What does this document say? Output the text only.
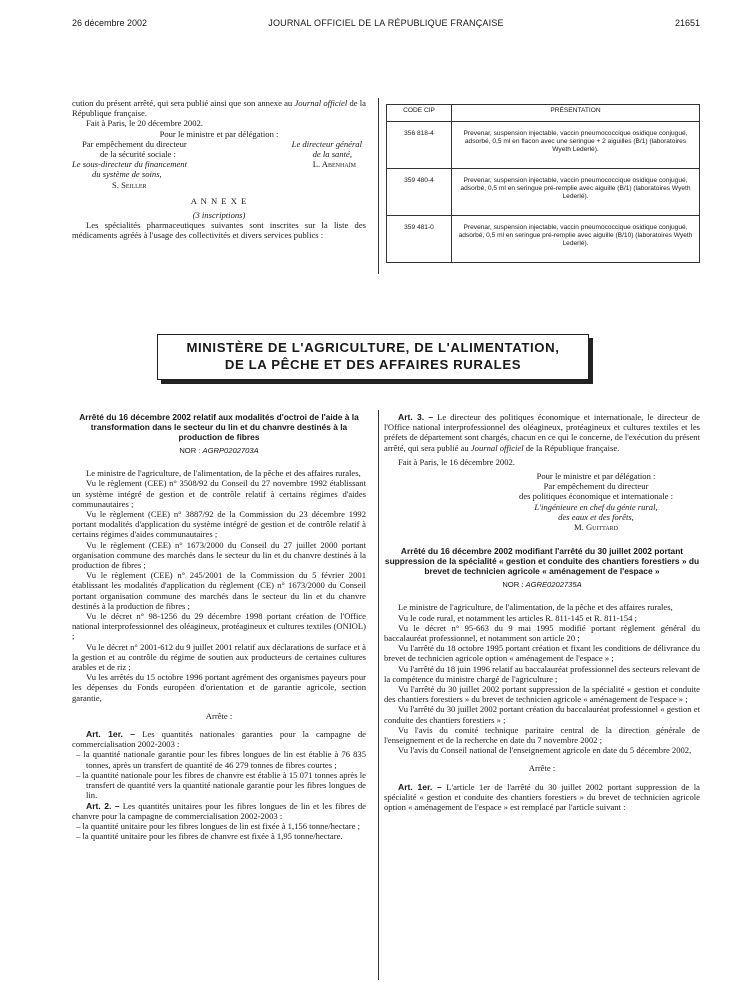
26 décembre 2002	JOURNAL OFFICIEL DE LA RÉPUBLIQUE FRANÇAISE	21651

cution du présent arrêté, qui sera publié ainsi que son annexe au Journal officiel de la République française.

Fait à Paris, le 20 décembre 2002.

Pour le ministre et par délégation :

Par empêchement du directeur	Le directeur général
de la sécurité sociale :	de la santé,
Le sous-directeur du financement	L. Abenhaïm
du système de soins,
S. Seiller

A N N E X E

(3 inscriptions)

Les spécialités pharmaceutiques suivantes sont inscrites sur la liste des médicaments agréés à l'usage des collectivités et divers services publics :

CODE CIP	PRÉSENTATION
356 818-4	Prevenar, suspension injectable, vaccin pneumococcique osidique conjugué, adsorbé, 0,5 ml en flacon avec une seringue + 2 aiguilles (B/1) (laboratoires Wyeth Lederlé).
359 480-4	Prevenar, suspension injectable, vaccin pneumococcique osidique conjugué, adsorbé, 0,5 ml en seringue pré-remplie avec aiguille (B/1) (laboratoires Wyeth Lederlé).
359 481-0	Prevenar, suspension injectable, vaccin pneumococcique osidique conjugué, adsorbé, 0,5 ml en seringue pré-remplie avec aiguille (B/10) (laboratoires Wyeth Lederlé).
MINISTÈRE DE L'AGRICULTURE, DE L'ALIMENTATION,
DE LA PÊCHE ET DES AFFAIRES RURALES

Arrêté du 16 décembre 2002 relatif aux modalités d'octroi de l'aide à la transformation dans le secteur du lin et du chanvre destinés à la production de fibres

NOR : AGRP0202703A

Le ministre de l'agriculture, de l'alimentation, de la pêche et des affaires rurales,

Vu le règlement (CEE) n° 3508/92 du Conseil du 27 novembre 1992 établissant un système intégré de gestion et de contrôle relatif à certains régimes d'aides communautaires ;

Vu le règlement (CEE) n° 3887/92 de la Commission du 23 décembre 1992 portant modalités d'application du système intégré de gestion et de contrôle relatif à certains régimes d'aides communautaires ;

Vu le règlement (CEE) n° 1673/2000 du Conseil du 27 juillet 2000 portant organisation commune des marchés dans le secteur du lin et du chanvre destinés à la production de fibres ;

Vu le règlement (CEE) n° 245/2001 de la Commission du 5 février 2001 établissant les modalités d'application du règlement (CE) n° 1673/2000 du Conseil portant organisation commune des marchés dans le secteur du lin et du chanvre destinés à la production de fibres ;

Vu le décret n° 98-1256 du 29 décembre 1998 portant création de l'Office national interprofessionnel des oléagineux, protéagineux et cultures textiles (ONIOL) ;

Vu le décret n° 2001-612 du 9 juillet 2001 relatif aux déclarations de surface et à la gestion et au contrôle du régime de soutien aux producteurs de certaines cultures arables et de riz ;

Vu les arrêtés du 15 octobre 1996 portant agrément des organismes payeurs pour les dépenses du Fonds européen d'orientation et de garantie agricole, section garantie,

Arrête :

Art. 1er. – Les quantités nationales garanties pour la campagne de commercialisation 2002-2003 :

– la quantité nationale garantie pour les fibres longues de lin est établie à 76 835 tonnes, après un transfert de quantité de 46 279 tonnes de fibres courtes ;

– la quantité nationale pour les fibres de chanvre est établie à 15 071 tonnes après le transfert de quantité vers la quantité nationale garantie pour les fibres longues de lin.

Art. 2. – Les quantités unitaires pour les fibres longues de lin et les fibres de chanvre pour la campagne de commercialisation 2002-2003 :

– la quantité unitaire pour les fibres longues de lin est fixée à 1,156 tonne/hectare ;

– la quantité unitaire pour les fibres de chanvre est fixée à 1,95 tonne/hectare.

Art. 3. – Le directeur des politiques économique et internationale, le directeur de l'Office national interprofessionnel des oléagineux, protéagineux et cultures textiles et les préfets de département sont chargés, chacun en ce qui le concerne, de l'exécution du présent arrêté, qui sera publié au Journal officiel de la République française.

Fait à Paris, le 16 décembre 2002.

Pour le ministre et par délégation :

Par empêchement du directeur

des politiques économique et internationale :

L'ingénieure en chef du génie rural,

des eaux et des forêts,

M. Guittard

Arrêté du 16 décembre 2002 modifiant l'arrêté du 30 juillet 2002 portant suppression de la spécialité « gestion et conduite des chantiers forestiers » du brevet de technicien agricole « aménagement de l'espace »

NOR : AGRE0202735A

Le ministre de l'agriculture, de l'alimentation, de la pêche et des affaires rurales,

Vu le code rural, et notamment les articles R. 811-145 et R. 811-154 ;

Vu le décret n° 95-663 du 9 mai 1995 modifié portant règlement général du baccalauréat professionnel, et notamment son article 20 ;

Vu l'arrêté du 18 octobre 1995 portant création et fixant les conditions de délivrance du brevet de technicien agricole option « aménagement de l'espace » ;

Vu l'arrêté du 18 juin 1996 relatif au baccalauréat professionnel des secteurs relevant de la compétence du ministre chargé de l'agriculture ;

Vu l'arrêté du 30 juillet 2002 portant suppression de la spécialité « gestion et conduite des chantiers forestiers » du brevet de technicien agricole « aménagement de l'espace » ;

Vu l'arrêté du 30 juillet 2002 portant création du baccalauréat professionnel « gestion et conduite des chantiers forestiers » ;

Vu l'avis du comité technique paritaire central de la direction générale de l'enseignement et de la recherche en date du 7 novembre 2002 ;

Vu l'avis du Conseil national de l'enseignement agricole en date du 5 décembre 2002,

Arrête :

Art. 1er. – L'article 1er de l'arrêté du 30 juillet 2002 portant suppression de la spécialité « gestion et conduite des chantiers forestiers » du brevet de technicien agricole option « aménagement de l'espace » est remplacé par l'article suivant :
